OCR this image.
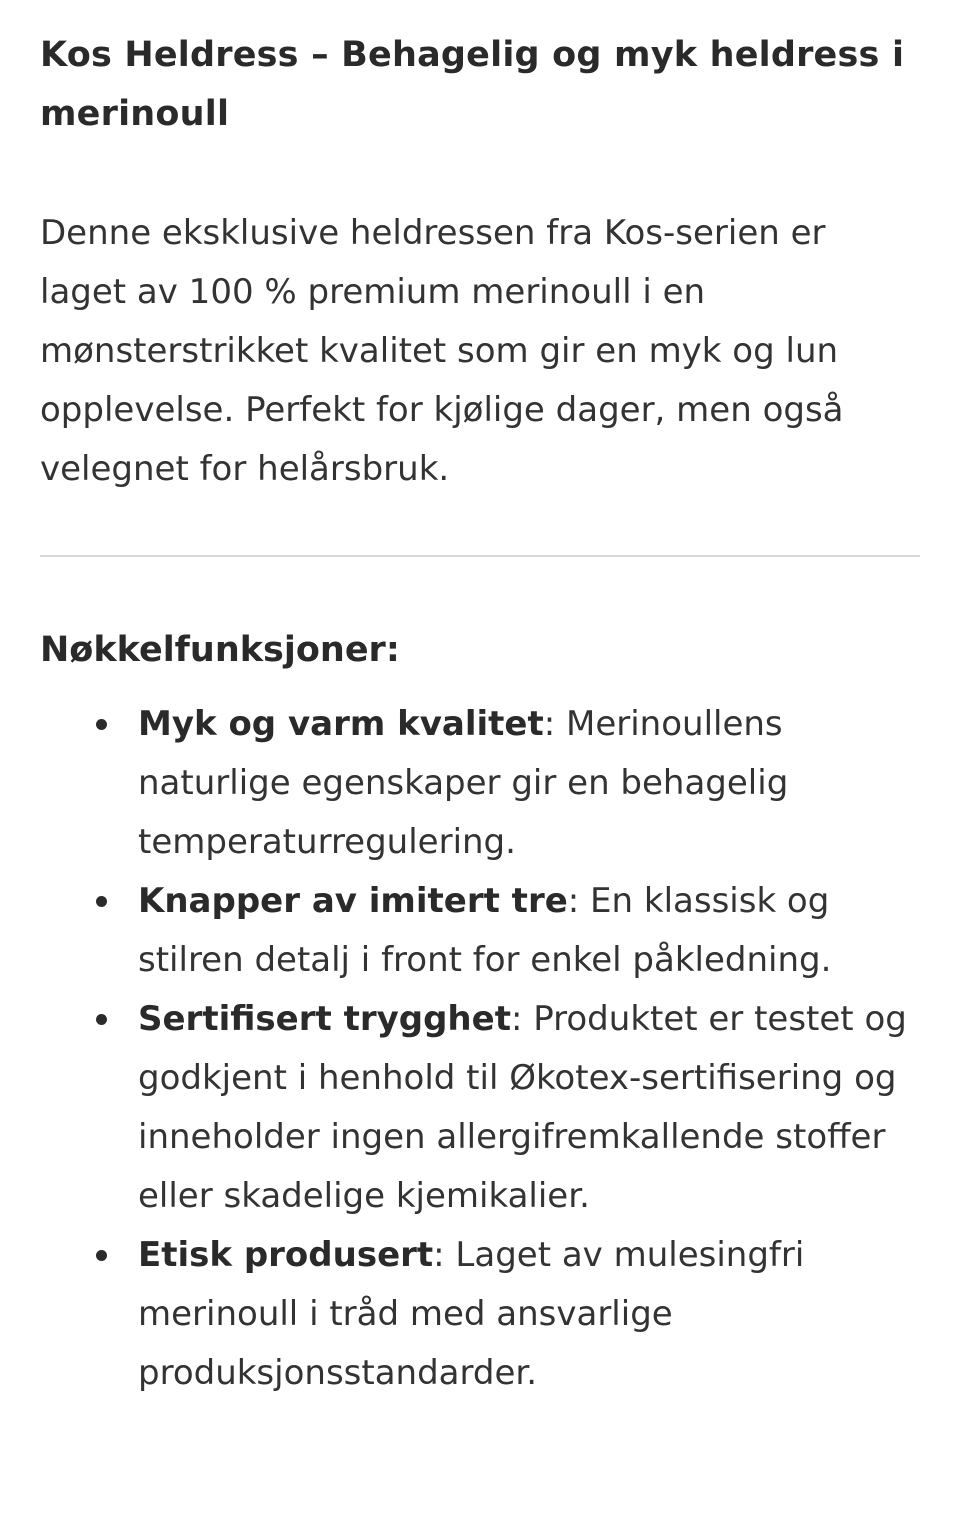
Kos Heldress – Behagelig og myk heldress i merinoull

Denne eksklusive heldressen fra Kos-serien er laget av 100 % premium merinoull i en mønsterstrikket kvalitet som gir en myk og lun opplevelse. Perfekt for kjølige dager, men også velegnet for helårsbruk.

Nøkkelfunksjoner:
Myk og varm kvalitet: Merinoullens naturlige egenskaper gir en behagelig temperaturregulering.
Knapper av imitert tre: En klassisk og stilren detalj i front for enkel påkledning.
Sertifisert trygghet: Produktet er testet og godkjent i henhold til Økotex-sertifisering og inneholder ingen allergifremkallende stoffer eller skadelige kjemikalier.
Etisk produsert: Laget av mulesingfri merinoull i tråd med ansvarlige produksjonsstandarder.
